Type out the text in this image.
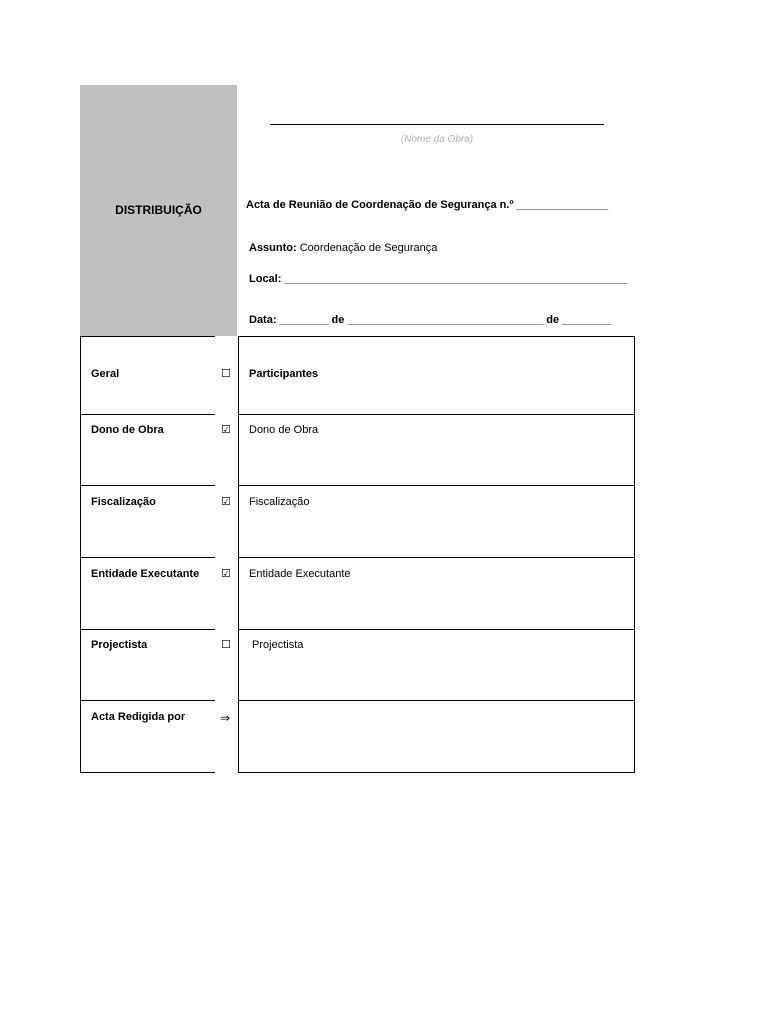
DISTRIBUIÇÃO
(Nome da Obra)
Acta de Reunião de Coordenação de Segurança n.º _______________
Assunto: Coordenação de Segurança
Local: ________________________________________________________
Data: ________ de ________________________________ de ________
Geral	☐ Participantes
Dono de Obra	☑ Dono de Obra
Fiscalização	☑ Fiscalização
Entidade Executante ☑ Entidade Executante
Projectista	☐ Projectista
Acta Redigida por	⇒
